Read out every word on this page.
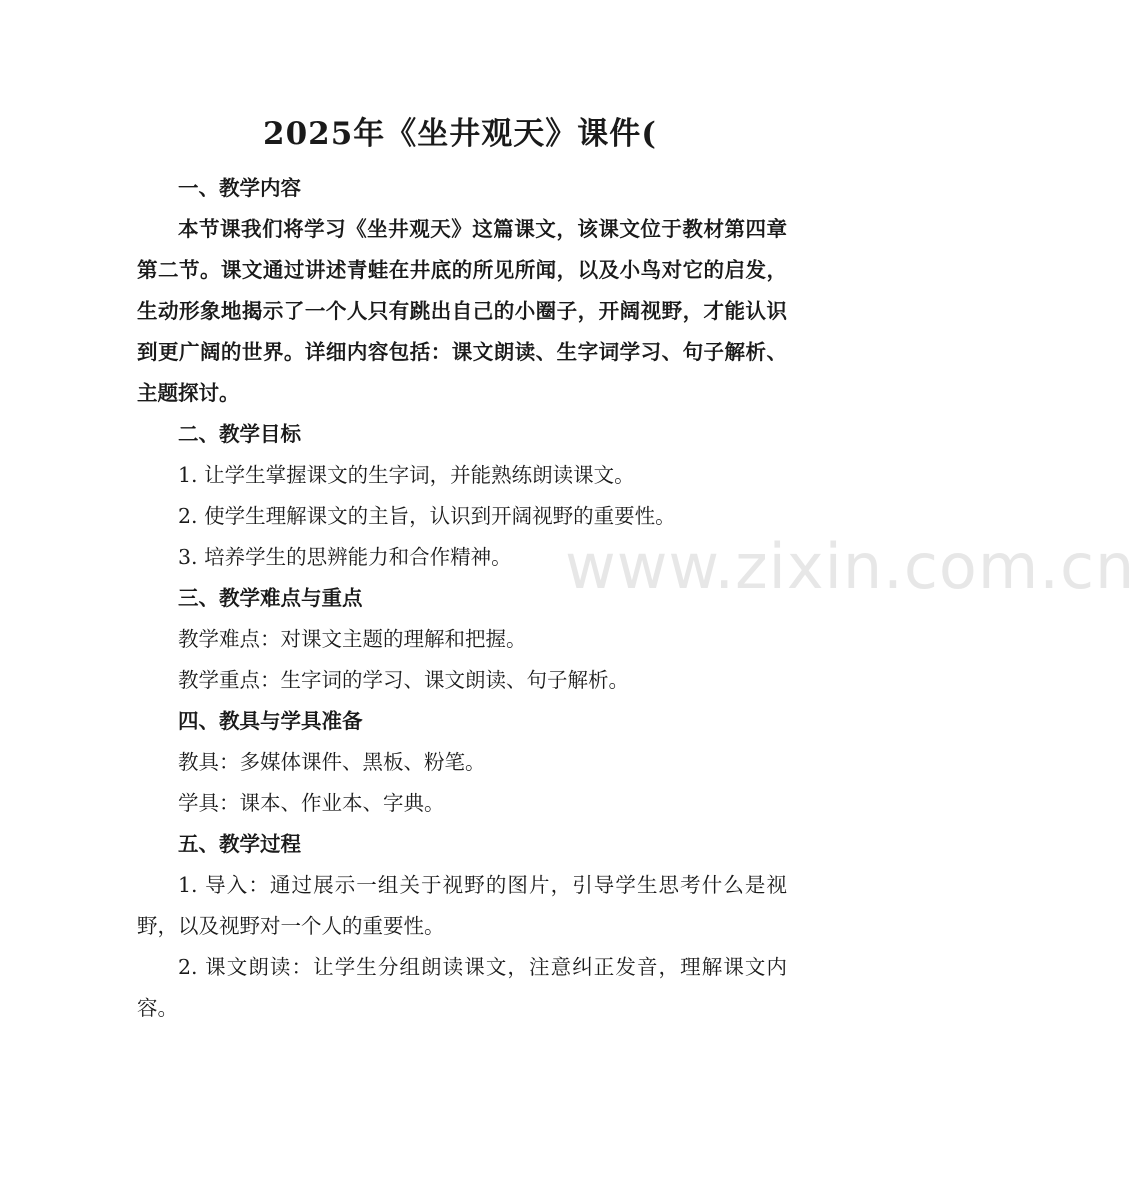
2025年《坐井观天》课件(
一、教学内容

本节课我们将学习《坐井观天》这篇课文，该课文位于教材第四章第二节。课文通过讲述青蛙在井底的所见所闻，以及小鸟对它的启发，生动形象地揭示了一个人只有跳出自己的小圈子，开阔视野，才能认识到更广阔的世界。详细内容包括：课文朗读、生字词学习、句子解析、主题探讨。

二、教学目标
1. 让学生掌握课文的生字词，并能熟练朗读课文。
2. 使学生理解课文的主旨，认识到开阔视野的重要性。
3. 培养学生的思辨能力和合作精神。
三、教学难点与重点
教学难点：对课文主题的理解和把握。
教学重点：生字词的学习、课文朗读、句子解析。
四、教具与学具准备
教具：多媒体课件、黑板、粉笔。
学具：课本、作业本、字典。
五、教学过程

1. 导入：通过展示一组关于视野的图片，引导学生思考什么是视野，以及视野对一个人的重要性。

2. 课文朗读：让学生分组朗读课文，注意纠正发音，理解课文内容。

www.zixin.com.cn
